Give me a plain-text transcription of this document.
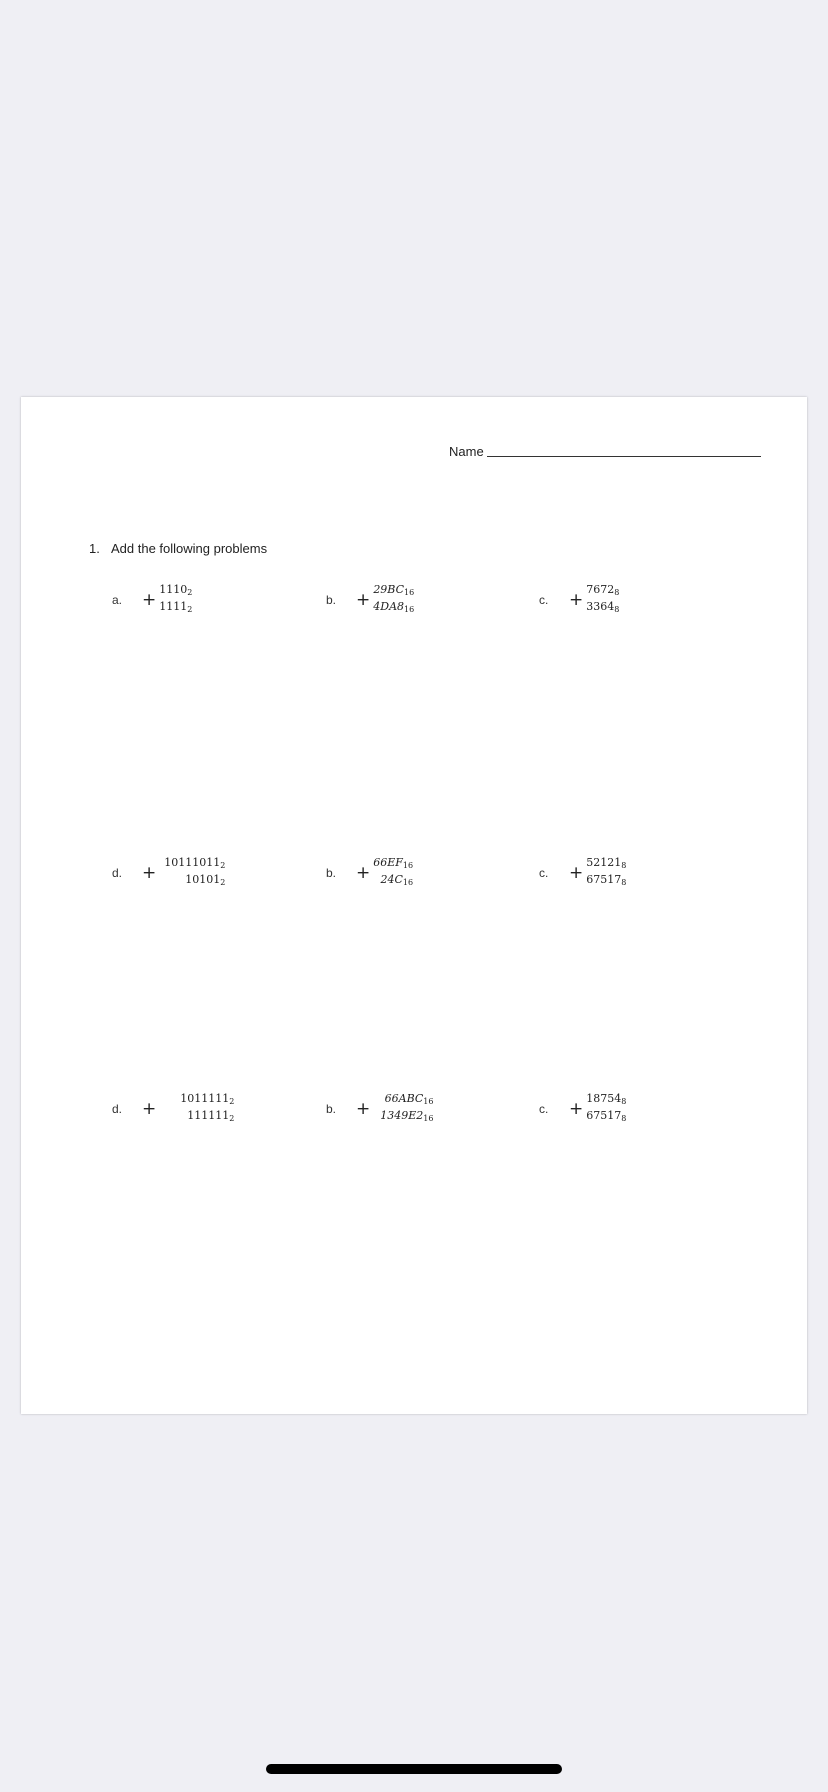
Name
1. Add the following problems
a.	+ 11102
11112
b.	+ 29BC16
4DA816
c.	+ 76728
33648
d.	+ 101110112
101012
b.	+ 66EF16
24C16
c.	+ 521218
675178
d.	+ 10111112
1111112
b.	+ 66ABC16
1349E216
c.	+ 187548
675178
